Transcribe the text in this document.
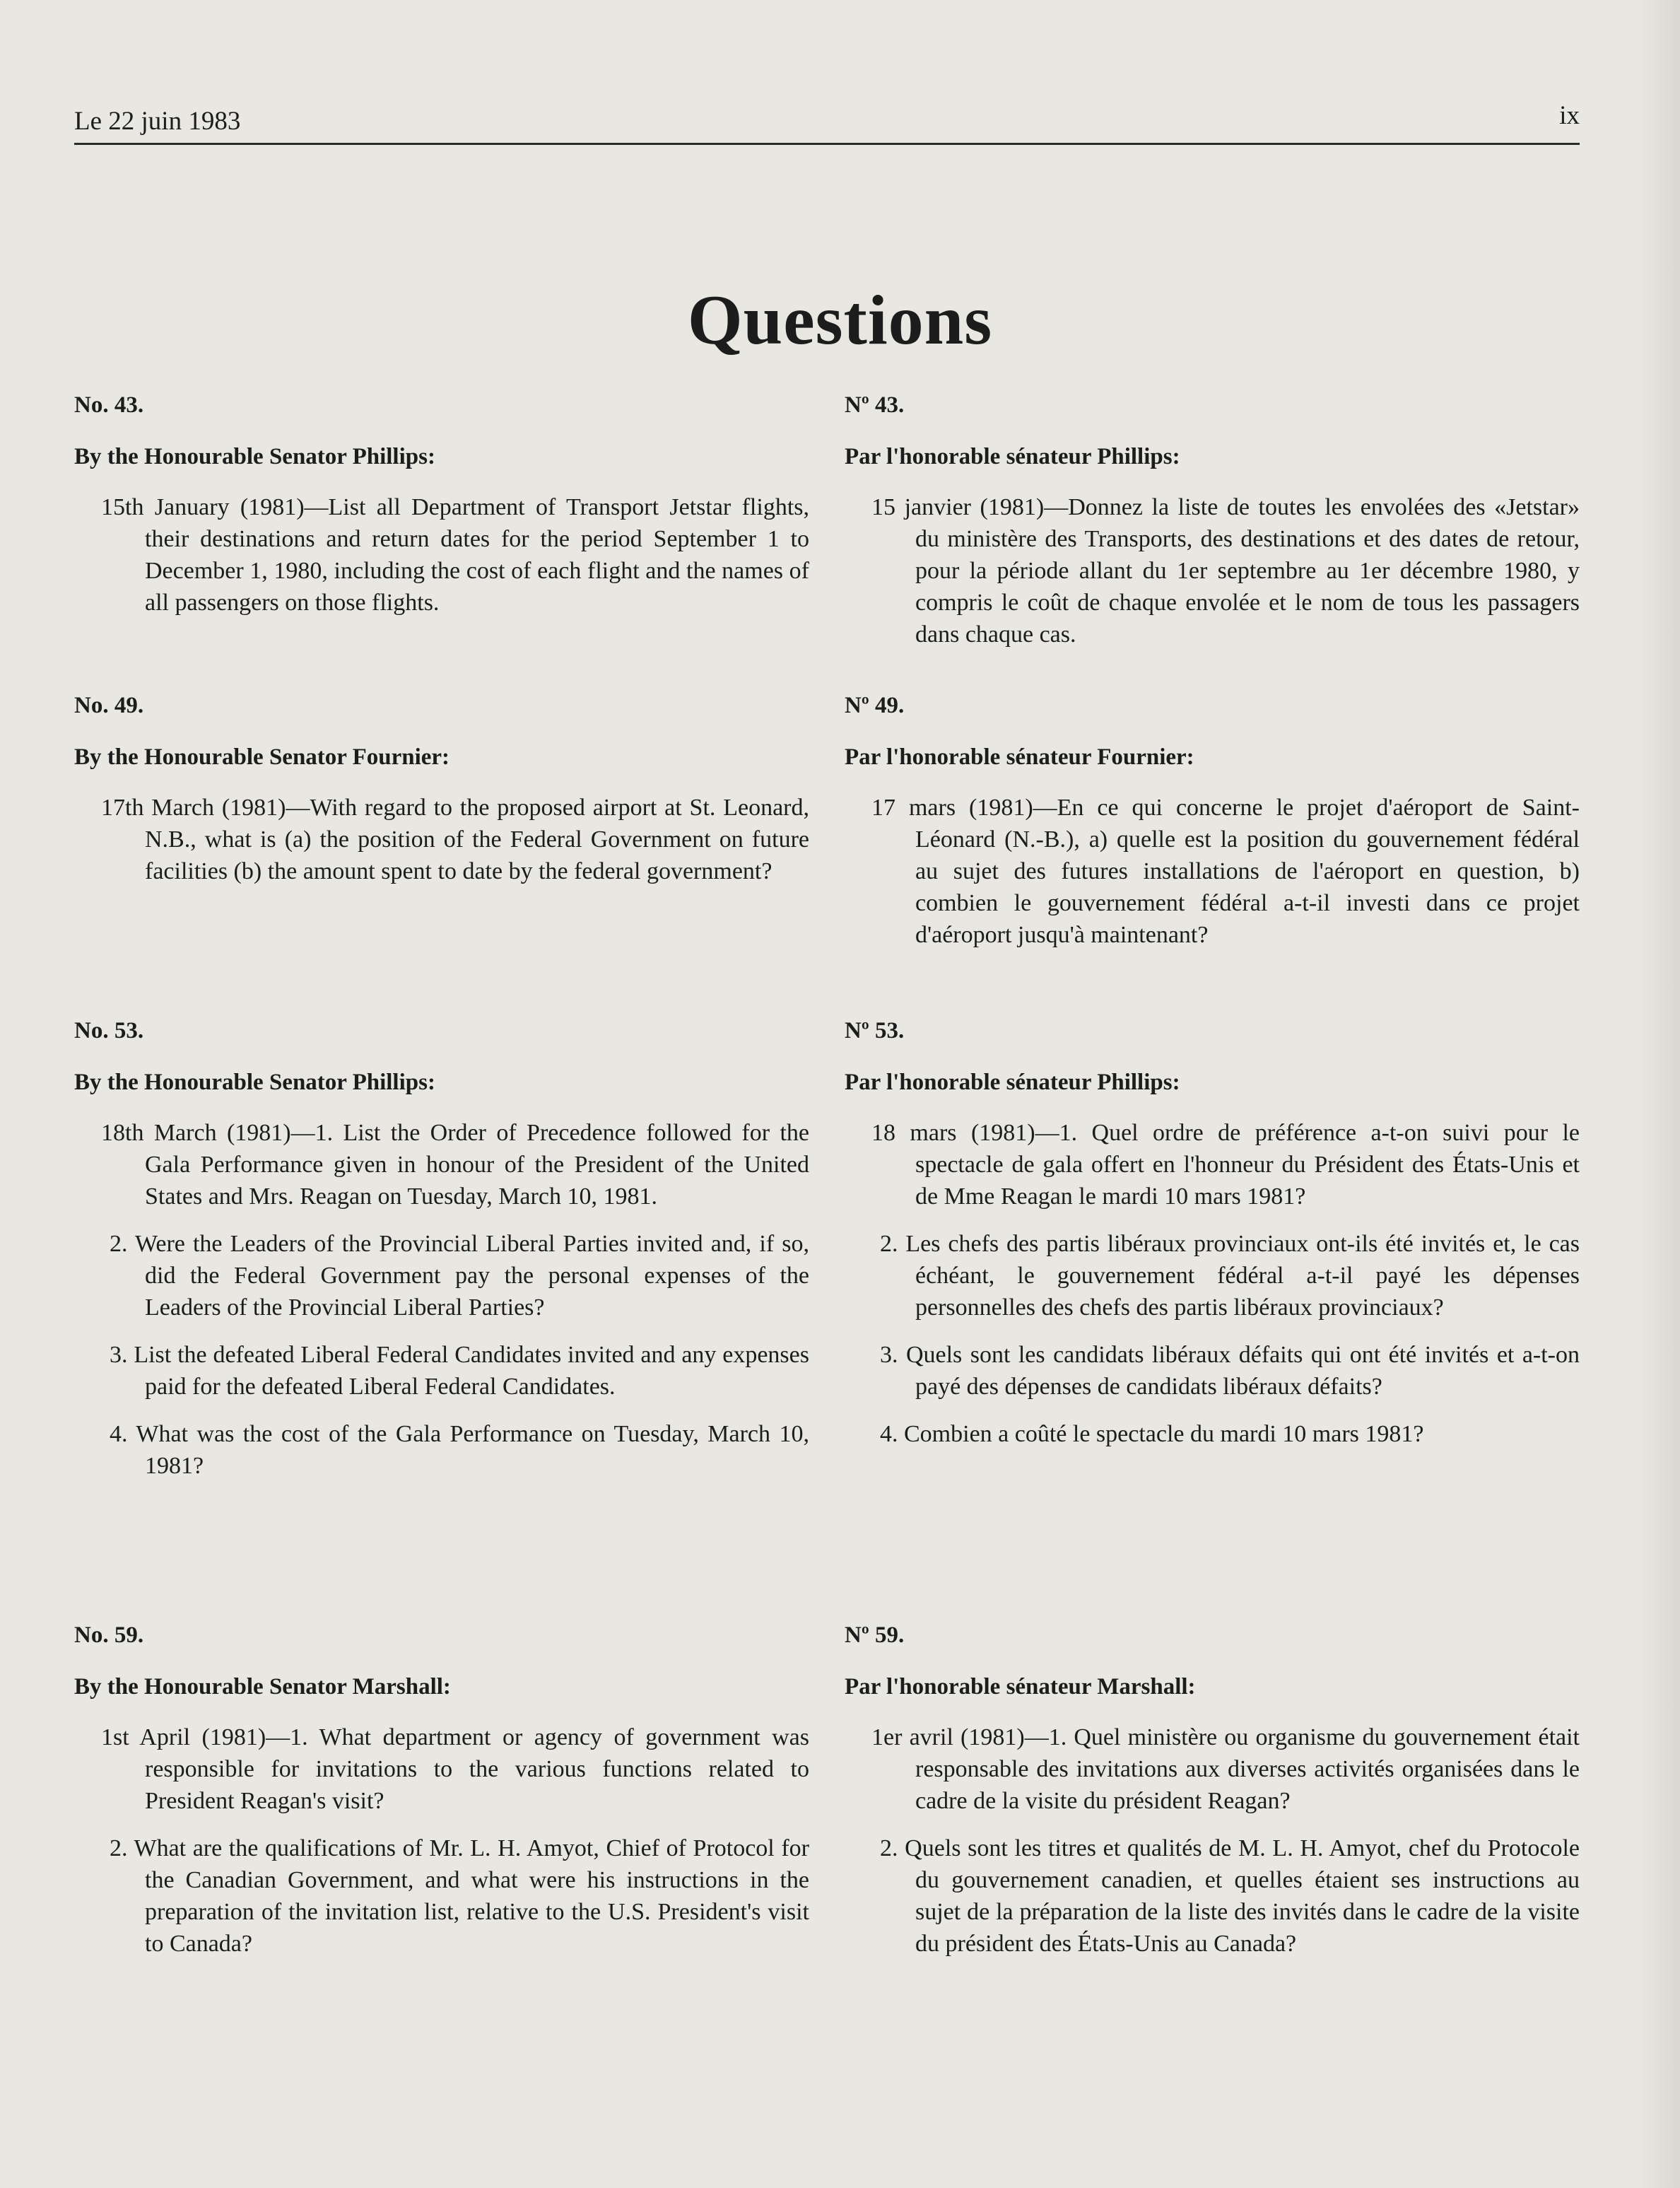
Le 22 juin 1983	ix
Questions

No. 43.

By the Honourable Senator Phillips:

15th January (1981)—List all Department of Transport Jetstar flights, their destinations and return dates for the period September 1 to December 1, 1980, including the cost of each flight and the names of all passengers on those flights.

No. 49.

By the Honourable Senator Fournier:

17th March (1981)—With regard to the proposed airport at St. Leonard, N.B., what is (a) the position of the Federal Government on future facilities (b) the amount spent to date by the federal government?

No. 53.

By the Honourable Senator Phillips:

18th March (1981)—1. List the Order of Precedence followed for the Gala Performance given in honour of the President of the United States and Mrs. Reagan on Tuesday, March 10, 1981.

2. Were the Leaders of the Provincial Liberal Parties invited and, if so, did the Federal Government pay the personal expenses of the Leaders of the Provincial Liberal Parties?

3. List the defeated Liberal Federal Candidates invited and any expenses paid for the defeated Liberal Federal Candidates.

4. What was the cost of the Gala Performance on Tuesday, March 10, 1981?

No. 59.

By the Honourable Senator Marshall:

1st April (1981)—1. What department or agency of government was responsible for invitations to the various functions related to President Reagan's visit?

2. What are the qualifications of Mr. L. H. Amyot, Chief of Protocol for the Canadian Government, and what were his instructions in the preparation of the invitation list, relative to the U.S. President's visit to Canada?

Nº 43.

Par l'honorable sénateur Phillips:

15 janvier (1981)—Donnez la liste de toutes les envolées des «Jetstar» du ministère des Transports, des destinations et des dates de retour, pour la période allant du 1er septembre au 1er décembre 1980, y compris le coût de chaque envolée et le nom de tous les passagers dans chaque cas.

Nº 49.

Par l'honorable sénateur Fournier:

17 mars (1981)—En ce qui concerne le projet d'aéroport de Saint-Léonard (N.-B.), a) quelle est la position du gouvernement fédéral au sujet des futures installations de l'aéroport en question, b) combien le gouvernement fédéral a-t-il investi dans ce projet d'aéroport jusqu'à maintenant?

Nº 53.

Par l'honorable sénateur Phillips:

18 mars (1981)—1. Quel ordre de préférence a-t-on suivi pour le spectacle de gala offert en l'honneur du Président des États-Unis et de Mme Reagan le mardi 10 mars 1981?

2. Les chefs des partis libéraux provinciaux ont-ils été invités et, le cas échéant, le gouvernement fédéral a-t-il payé les dépenses personnelles des chefs des partis libéraux provinciaux?

3. Quels sont les candidats libéraux défaits qui ont été invités et a-t-on payé des dépenses de candidats libéraux défaits?

4. Combien a coûté le spectacle du mardi 10 mars 1981?

Nº 59.

Par l'honorable sénateur Marshall:

1er avril (1981)—1. Quel ministère ou organisme du gouvernement était responsable des invitations aux diverses activités organisées dans le cadre de la visite du président Reagan?

2. Quels sont les titres et qualités de M. L. H. Amyot, chef du Protocole du gouvernement canadien, et quelles étaient ses instructions au sujet de la préparation de la liste des invités dans le cadre de la visite du président des États-Unis au Canada?
